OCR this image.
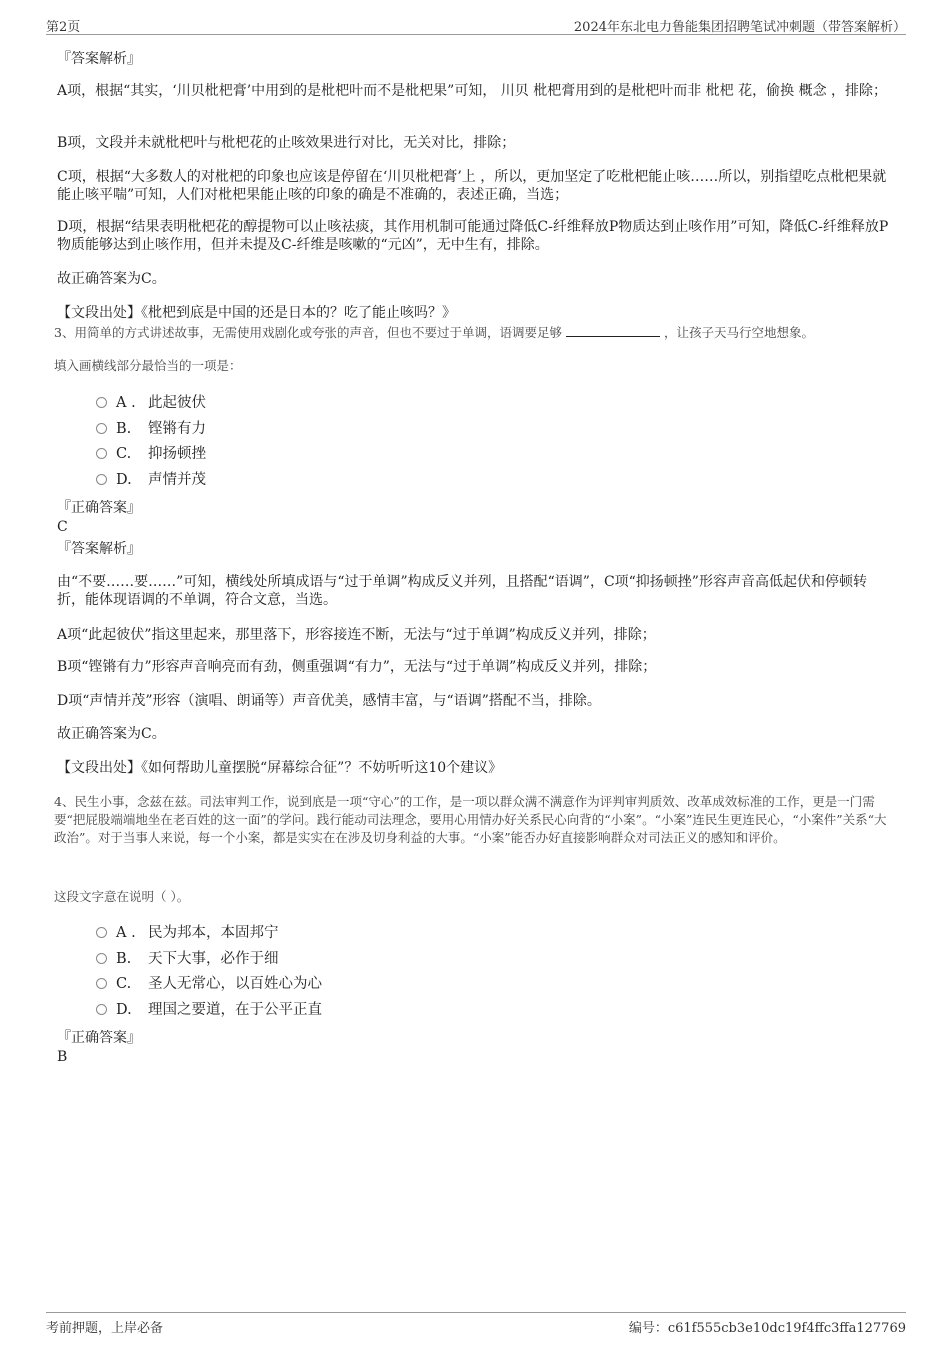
第2页	2024年东北电力鲁能集团招聘笔试冲刺题（带答案解析）
『答案解析』
A项，根据“其实，‘川贝枇杷膏’中用到的是枇杷叶而不是枇杷果”可知， 川贝 枇杷膏用到的是枇杷叶而非 枇杷 花，偷换 概念 ，排除；
B项，文段并未就枇杷叶与枇杷花的止咳效果进行对比，无关对比，排除；
C项，根据“大多数人的对枇杷的印象也应该是停留在‘川贝枇杷膏’上 ，所以，更加坚定了吃枇杷能止咳……所以，别指望吃点枇杷果就能止咳平喘”可知，人们对枇杷果能止咳的印象的确是不准确的，表述正确，当选；
D项，根据“结果表明枇杷花的醇提物可以止咳祛痰，其作用机制可能通过降低C-纤维释放P物质达到止咳作用”可知，降低C-纤维释放P物质能够达到止咳作用，但并未提及C-纤维是咳嗽的“元凶”，无中生有，排除。
故正确答案为C。
【文段出处】《枇杷到底是中国的还是日本的？吃了能止咳吗？》
3、用简单的方式讲述故事，无需使用戏剧化或夸张的声音，但也不要过于单调，语调要足够	，让孩子天马行空地想象。
填入画横线部分最恰当的一项是：
A . 此起彼伏
B. 铿锵有力
C. 抑扬顿挫
D. 声情并茂
『正确答案』
C
『答案解析』
由“不要……要……”可知，横线处所填成语与“过于单调”构成反义并列，且搭配“语调”，C项“抑扬顿挫”形容声音高低起伏和停顿转折，能体现语调的不单调，符合文意，当选。
A项“此起彼伏”指这里起来，那里落下，形容接连不断，无法与“过于单调”构成反义并列，排除；
B项“铿锵有力”形容声音响亮而有劲，侧重强调“有力”，无法与“过于单调”构成反义并列，排除；
D项“声情并茂”形容（演唱、朗诵等）声音优美，感情丰富，与“语调”搭配不当，排除。
故正确答案为C。
【文段出处】《如何帮助儿童摆脱“屏幕综合征”？不妨听听这10个建议》
4、民生小事，念兹在兹。司法审判工作，说到底是一项“守心”的工作，是一项以群众满不满意作为评判审判质效、改革成效标准的工作，更是一门需要“把屁股端端地坐在老百姓的这一面”的学问。践行能动司法理念，要用心用情办好关系民心向背的“小案”。“小案”连民生更连民心，“小案件”关系“大政治”。对于当事人来说，每一个小案，都是实实在在涉及切身利益的大事。“小案”能否办好直接影响群众对司法正义的感知和评价。
这段文字意在说明（ ）。
A . 民为邦本，本固邦宁
B. 天下大事，必作于细
C. 圣人无常心，以百姓心为心
D. 理国之要道，在于公平正直
『正确答案』
B
考前押题，上岸必备	编号：c61f555cb3e10dc19f4ffc3ffa127769
